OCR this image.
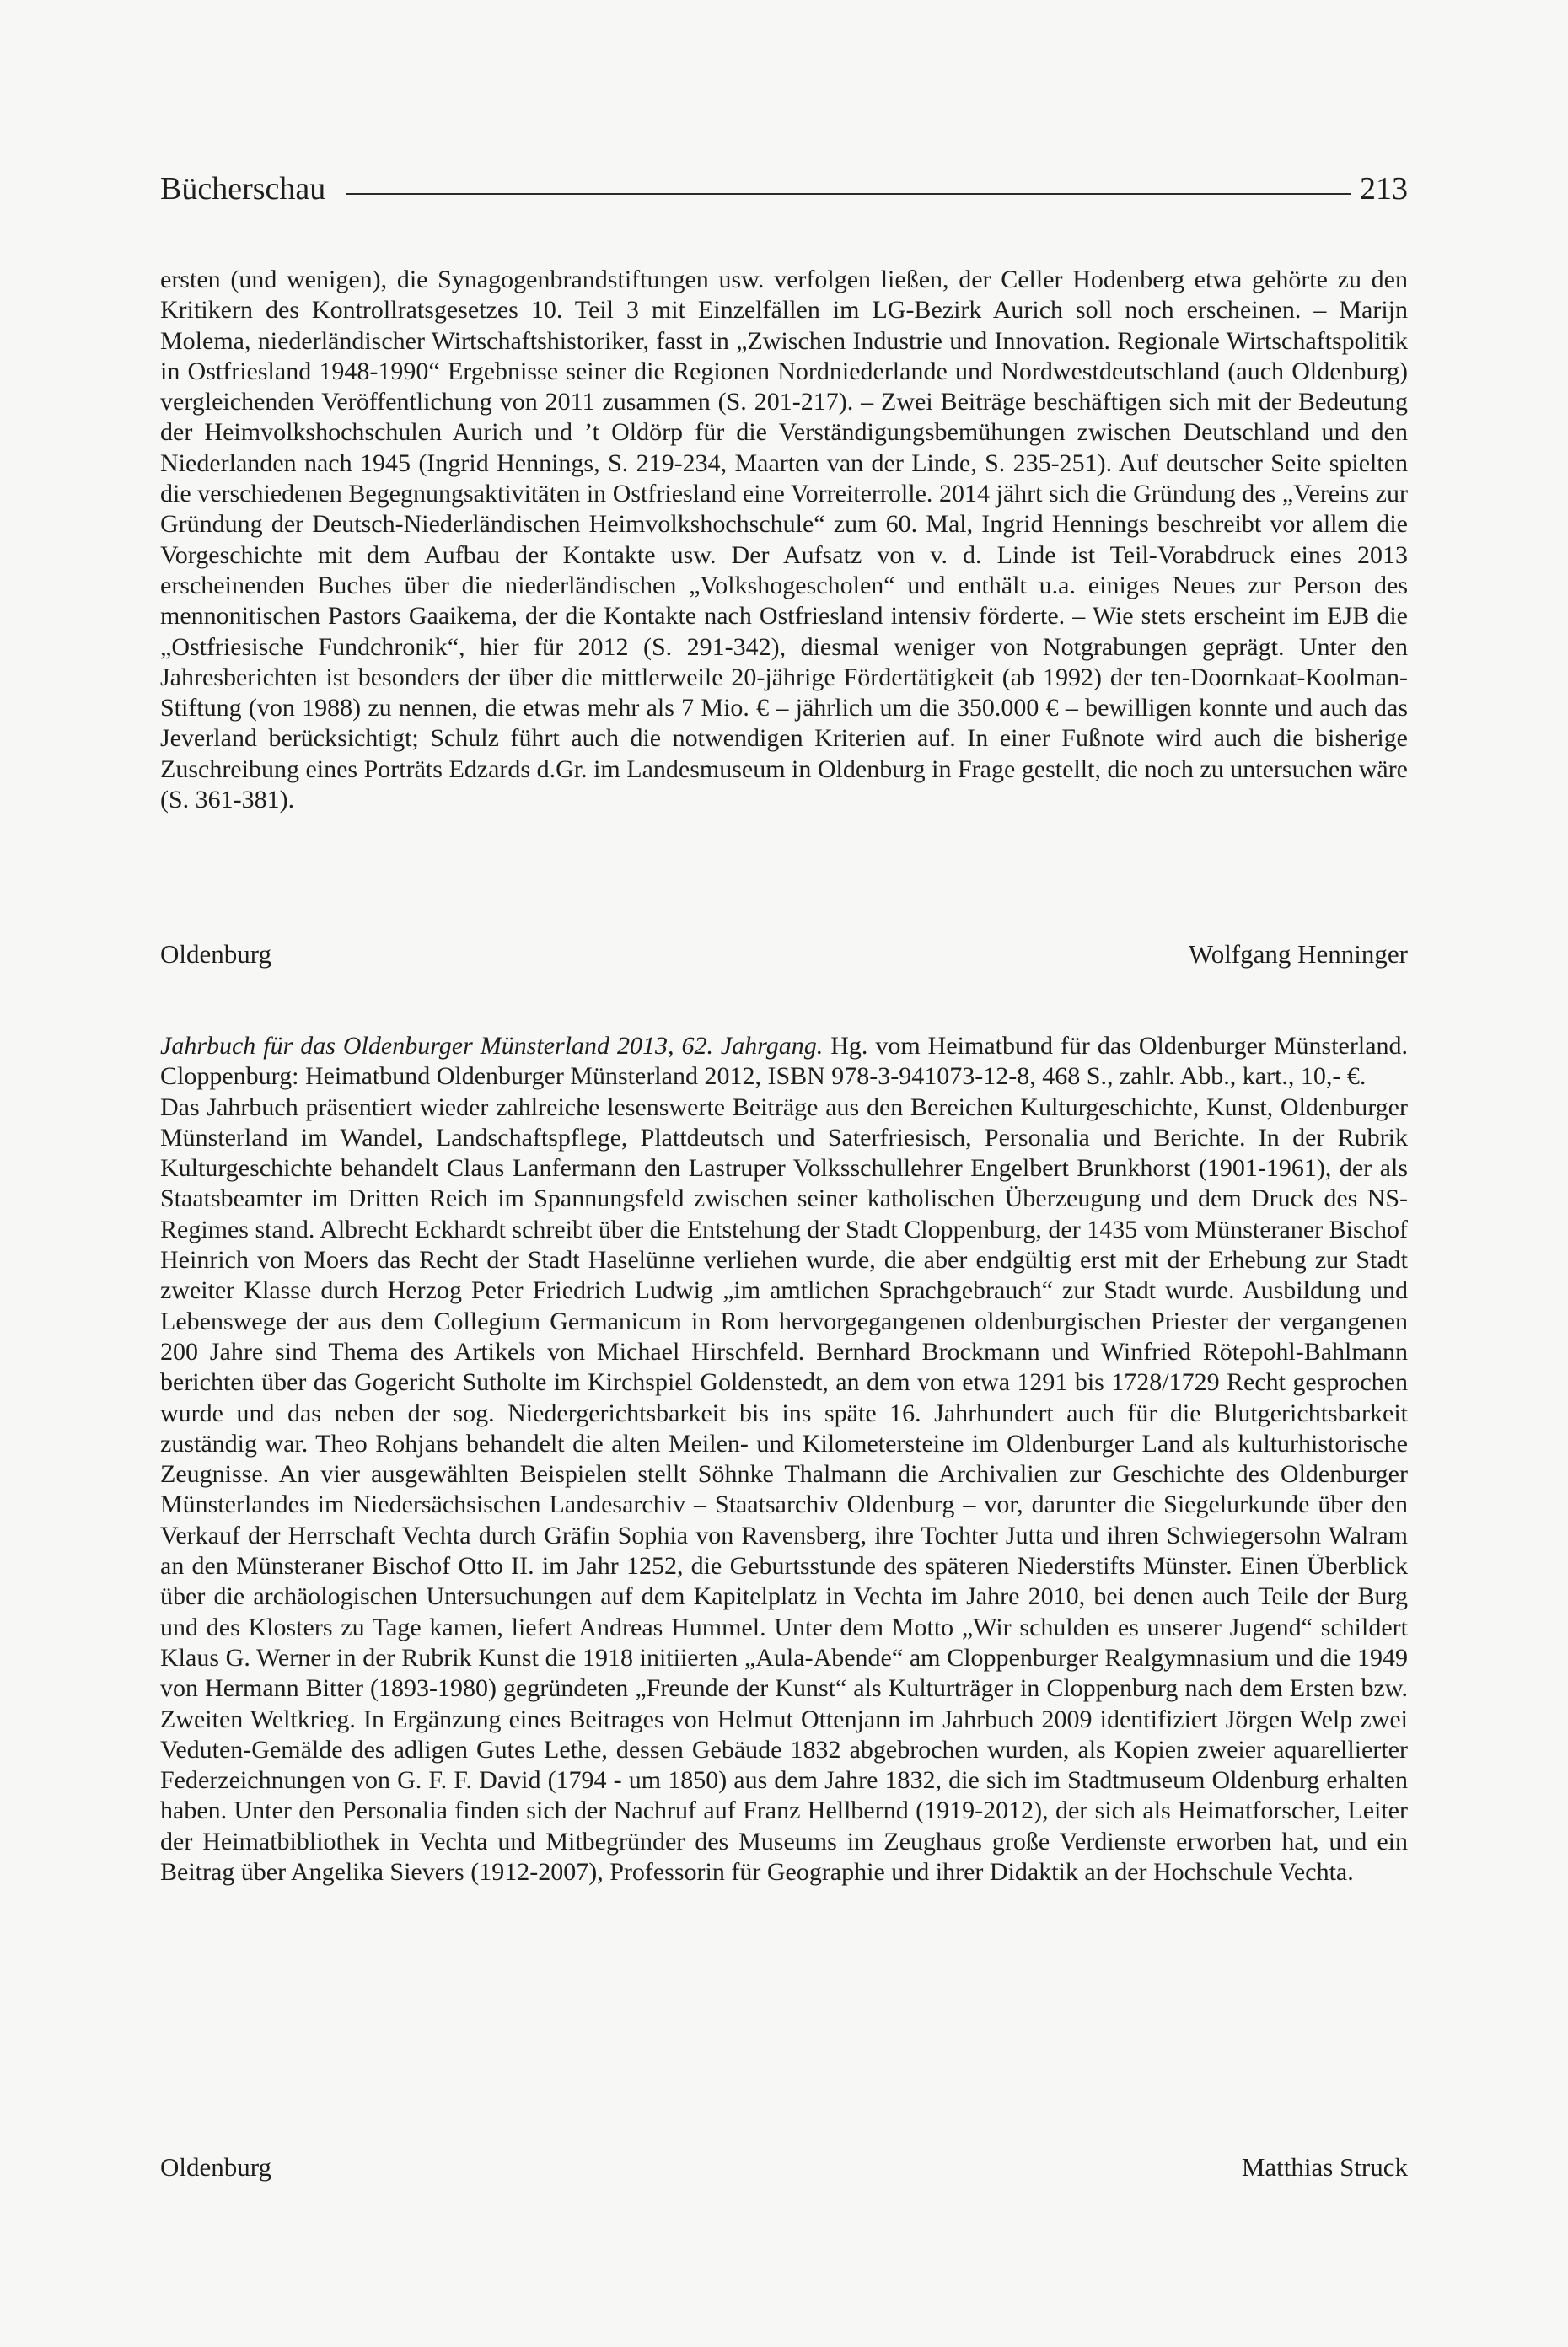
Bücherschau	213

ersten (und wenigen), die Synagogenbrandstiftungen usw. verfolgen ließen, der Celler Hodenberg etwa gehörte zu den Kritikern des Kontrollratsgesetzes 10. Teil 3 mit Einzelfällen im LG-Bezirk Aurich soll noch erscheinen. – Marijn Molema, niederländischer Wirtschaftshistoriker, fasst in „Zwischen Industrie und Innovation. Regionale Wirtschaftspolitik in Ostfriesland 1948-1990“ Ergebnisse seiner die Regionen Nordniederlande und Nordwestdeutschland (auch Oldenburg) vergleichenden Veröffentlichung von 2011 zusammen (S. 201-217). – Zwei Beiträge beschäftigen sich mit der Bedeutung der Heimvolkshochschulen Aurich und ’t Oldörp für die Verständigungsbemühungen zwischen Deutschland und den Niederlanden nach 1945 (Ingrid Hennings, S. 219-234, Maarten van der Linde, S. 235-251). Auf deutscher Seite spielten die verschiedenen Begegnungsaktivitäten in Ostfriesland eine Vorreiterrolle. 2014 jährt sich die Gründung des „Vereins zur Gründung der Deutsch-Niederländischen Heimvolkshochschule“ zum 60. Mal, Ingrid Hennings beschreibt vor allem die Vorgeschichte mit dem Aufbau der Kontakte usw. Der Aufsatz von v. d. Linde ist Teil-Vorabdruck eines 2013 erscheinenden Buches über die niederländischen „Volkshogescholen“ und enthält u.a. einiges Neues zur Person des mennonitischen Pastors Gaaikema, der die Kontakte nach Ostfriesland intensiv förderte. – Wie stets erscheint im EJB die „Ostfriesische Fundchronik“, hier für 2012 (S. 291-342), diesmal weniger von Notgrabungen geprägt. Unter den Jahresberichten ist besonders der über die mittlerweile 20-jährige Fördertätigkeit (ab 1992) der ten-Doornkaat-Koolman-Stiftung (von 1988) zu nennen, die etwas mehr als 7 Mio. € – jährlich um die 350.000 € – bewilligen konnte und auch das Jeverland berücksichtigt; Schulz führt auch die notwendigen Kriterien auf. In einer Fußnote wird auch die bisherige Zuschreibung eines Porträts Edzards d.Gr. im Landesmuseum in Oldenburg in Frage gestellt, die noch zu untersuchen wäre (S. 361-381).

Oldenburg	Wolfgang Henninger

Jahrbuch für das Oldenburger Münsterland 2013, 62. Jahrgang. Hg. vom Heimatbund für das Oldenburger Münsterland. Cloppenburg: Heimatbund Oldenburger Münsterland 2012, ISBN 978-3-941073-12-8, 468 S., zahlr. Abb., kart., 10,- €.

Das Jahrbuch präsentiert wieder zahlreiche lesenswerte Beiträge aus den Bereichen Kulturgeschichte, Kunst, Oldenburger Münsterland im Wandel, Landschaftspflege, Plattdeutsch und Saterfriesisch, Personalia und Berichte. In der Rubrik Kulturgeschichte behandelt Claus Lanfermann den Lastruper Volksschullehrer Engelbert Brunkhorst (1901-1961), der als Staatsbeamter im Dritten Reich im Spannungsfeld zwischen seiner katholischen Überzeugung und dem Druck des NS-Regimes stand. Albrecht Eckhardt schreibt über die Entstehung der Stadt Cloppenburg, der 1435 vom Münsteraner Bischof Heinrich von Moers das Recht der Stadt Haselünne verliehen wurde, die aber endgültig erst mit der Erhebung zur Stadt zweiter Klasse durch Herzog Peter Friedrich Ludwig „im amtlichen Sprachgebrauch“ zur Stadt wurde. Ausbildung und Lebenswege der aus dem Collegium Germanicum in Rom hervorgegangenen oldenburgischen Priester der vergangenen 200 Jahre sind Thema des Artikels von Michael Hirschfeld. Bernhard Brockmann und Winfried Rötepohl-Bahlmann berichten über das Gogericht Sutholte im Kirchspiel Goldenstedt, an dem von etwa 1291 bis 1728/1729 Recht gesprochen wurde und das neben der sog. Niedergerichtsbarkeit bis ins späte 16. Jahrhundert auch für die Blutgerichtsbarkeit zuständig war. Theo Rohjans behandelt die alten Meilen- und Kilometersteine im Oldenburger Land als kulturhistorische Zeugnisse. An vier ausgewählten Beispielen stellt Söhnke Thalmann die Archivalien zur Geschichte des Oldenburger Münsterlandes im Niedersächsischen Landesarchiv – Staatsarchiv Oldenburg – vor, darunter die Siegelurkunde über den Verkauf der Herrschaft Vechta durch Gräfin Sophia von Ravensberg, ihre Tochter Jutta und ihren Schwiegersohn Walram an den Münsteraner Bischof Otto II. im Jahr 1252, die Geburtsstunde des späteren Niederstifts Münster. Einen Überblick über die archäologischen Untersuchungen auf dem Kapitelplatz in Vechta im Jahre 2010, bei denen auch Teile der Burg und des Klosters zu Tage kamen, liefert Andreas Hummel. Unter dem Motto „Wir schulden es unserer Jugend“ schildert Klaus G. Werner in der Rubrik Kunst die 1918 initiierten „Aula-Abende“ am Cloppenburger Realgymnasium und die 1949 von Hermann Bitter (1893-1980) gegründeten „Freunde der Kunst“ als Kulturträger in Cloppenburg nach dem Ersten bzw. Zweiten Weltkrieg. In Ergänzung eines Beitrages von Helmut Ottenjann im Jahrbuch 2009 identifiziert Jörgen Welp zwei Veduten-Gemälde des adligen Gutes Lethe, dessen Gebäude 1832 abgebrochen wurden, als Kopien zweier aquarellierter Federzeichnungen von G. F. F. David (1794 - um 1850) aus dem Jahre 1832, die sich im Stadtmuseum Oldenburg erhalten haben. Unter den Personalia finden sich der Nachruf auf Franz Hellbernd (1919-2012), der sich als Heimatforscher, Leiter der Heimatbibliothek in Vechta und Mitbegründer des Museums im Zeughaus große Verdienste erworben hat, und ein Beitrag über Angelika Sievers (1912-2007), Professorin für Geographie und ihrer Didaktik an der Hochschule Vechta.

Oldenburg	Matthias Struck
